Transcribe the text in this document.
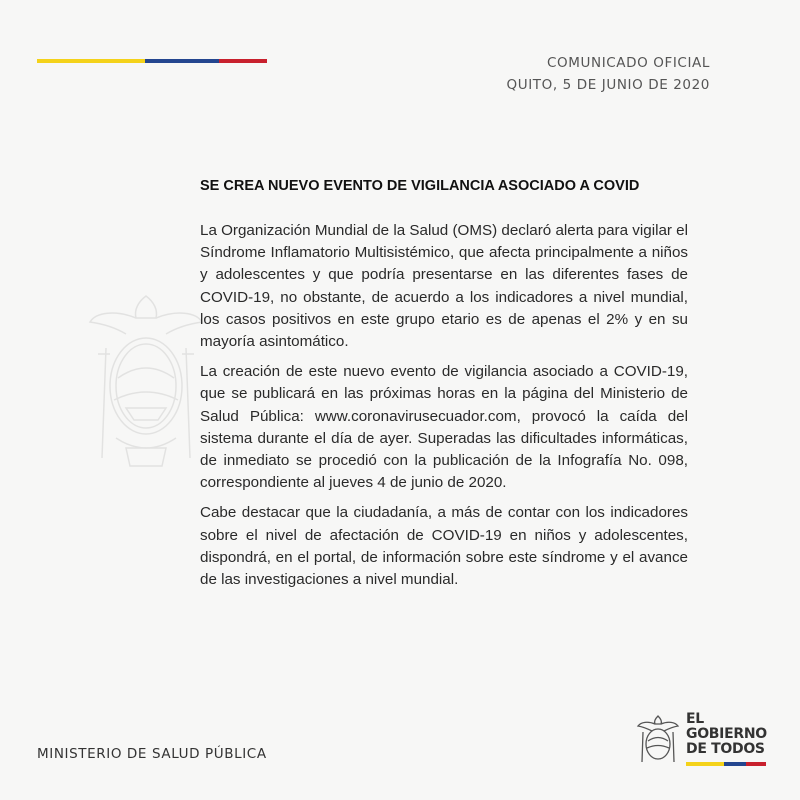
COMUNICADO OFICIAL
QUITO, 5 DE JUNIO DE 2020
SE CREA NUEVO EVENTO DE VIGILANCIA ASOCIADO A COVID

La Organización Mundial de la Salud (OMS) declaró alerta para vigilar el Síndrome Inflamatorio Multisistémico, que afecta principalmente a niños y adolescentes y que podría presentarse en las diferentes fases de COVID-19, no obstante, de acuerdo a los indicadores a nivel mundial, los casos positivos en este grupo etario es de apenas el 2% y en su mayoría asintomático.

La creación de este nuevo evento de vigilancia asociado a COVID-19, que se publicará en las próximas horas en la página del Ministerio de Salud Pública: www.coronavirusecuador.com, provocó la caída del sistema durante el día de ayer. Superadas las dificultades informáticas, de inmediato se procedió con la publicación de la Infografía No. 098, correspondiente al jueves 4 de junio de 2020.

Cabe destacar que la ciudadanía, a más de contar con los indicadores sobre el nivel de afectación de COVID-19 en niños y adolescentes, dispondrá, en el portal, de información sobre este síndrome y el avance de las investigaciones a nivel mundial.

MINISTERIO DE SALUD PÚBLICA
EL
GOBIERNO
DE TODOS
